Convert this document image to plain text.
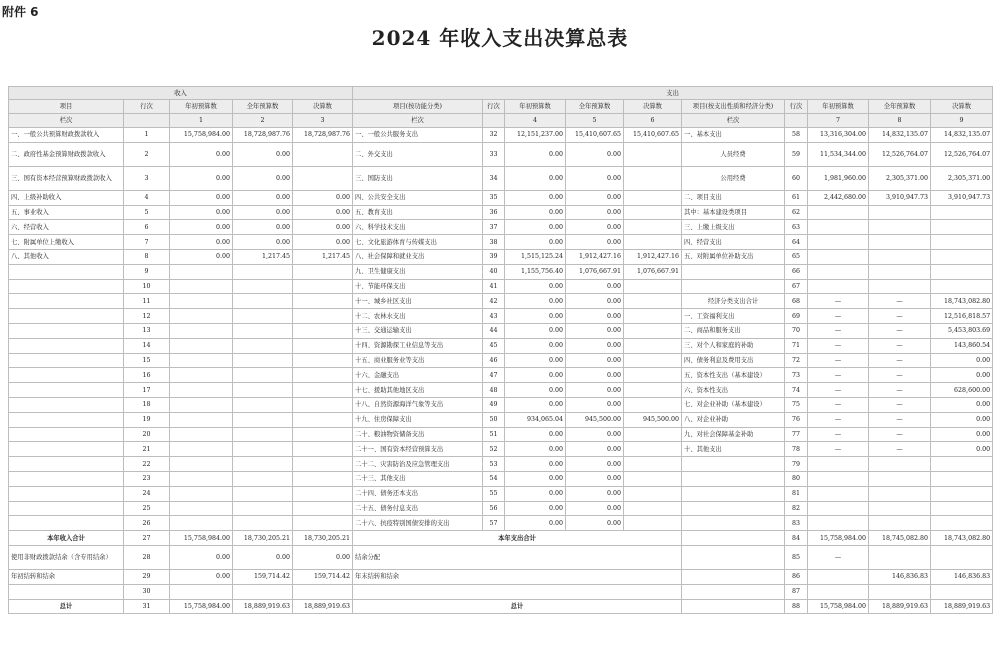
附件 6
2024 年收入支出决算总表
收入					支出									
项目	行次	年初预算数	全年预算数	决算数	项目(按功能分类)	行次	年初预算数	全年预算数	决算数	项目(按支出性质和经济分类)	行次	年初预算数	全年预算数	决算数
栏次		1	2	3	栏次		4	5	6	栏次		7	8	9
一、一般公共预算财政拨款收入	1	15,758,984.00	18,728,987.76	18,728,987.76	一、一般公共服务支出	32	12,151,237.00	15,410,607.65	15,410,607.65	一、基本支出	58	13,316,304.00	14,832,135.07	14,832,135.07
二、政府性基金预算财政拨款收入	2	0.00	0.00		二、外交支出	33	0.00	0.00		人员经费	59	11,534,344.00	12,526,764.07	12,526,764.07
三、国有资本经营预算财政拨款收入	3	0.00	0.00		三、国防支出	34	0.00	0.00		公用经费	60	1,981,960.00	2,305,371.00	2,305,371.00
四、上级补助收入	4	0.00	0.00	0.00	四、公共安全支出	35	0.00	0.00		二、项目支出	61	2,442,680.00	3,910,947.73	3,910,947.73
五、事业收入	5	0.00	0.00	0.00	五、教育支出	36	0.00	0.00		其中：基本建设类项目	62			
六、经营收入	6	0.00	0.00	0.00	六、科学技术支出	37	0.00	0.00		三、上缴上级支出	63			
七、附属单位上缴收入	7	0.00	0.00	0.00	七、文化旅游体育与传媒支出	38	0.00	0.00		四、经营支出	64			
八、其他收入	8	0.00	1,217.45	1,217.45	八、社会保障和就业支出	39	1,515,125.24	1,912,427.16	1,912,427.16	五、对附属单位补助支出	65			
	9				九、卫生健康支出	40	1,155,756.40	1,076,667.91	1,076,667.91		66			
	10				十、节能环保支出	41	0.00	0.00			67			
	11				十一、城乡社区支出	42	0.00	0.00		经济分类支出合计	68	—	—	18,743,082.80
	12				十二、农林水支出	43	0.00	0.00		一、工资福利支出	69	—	—	12,516,818.57
	13				十三、交通运输支出	44	0.00	0.00		二、商品和服务支出	70	—	—	5,453,803.69
	14				十四、资源勘探工业信息等支出	45	0.00	0.00		三、对个人和家庭的补助	71	—	—	143,860.54
	15				十五、商业服务业等支出	46	0.00	0.00		四、债务利息及费用支出	72	—	—	0.00
	16				十六、金融支出	47	0.00	0.00		五、资本性支出（基本建设）	73	—	—	0.00
	17				十七、援助其他地区支出	48	0.00	0.00		六、资本性支出	74	—	—	628,600.00
	18				十八、自然资源海洋气象等支出	49	0.00	0.00		七、对企业补助（基本建设）	75	—	—	0.00
	19				十九、住房保障支出	50	934,065.04	945,500.00	945,500.00	八、对企业补助	76	—	—	0.00
	20				二十、粮油物资储备支出	51	0.00	0.00		九、对社会保障基金补助	77	—	—	0.00
	21				二十一、国有资本经营预算支出	52	0.00	0.00		十、其他支出	78	—	—	0.00
	22				二十二、灾害防治及应急管理支出	53	0.00	0.00			79			
	23				二十三、其他支出	54	0.00	0.00			80			
	24				二十四、债务还本支出	55	0.00	0.00			81			
	25				二十五、债务付息支出	56	0.00	0.00			82			
	26				二十六、抗疫特别国债安排的支出	57	0.00	0.00			83			
本年收入合计	27	15,758,984.00	18,730,205.21	18,730,205.21	本年支出合计						84	15,758,984.00	18,745,082.80	18,743,082.80
使用非财政拨款结余（含专用结余）	28	0.00	0.00	0.00	结余分配						85	—		
年初结转和结余	29	0.00	159,714.42	159,714.42	年末结转和结余						86		146,836.83	146,836.83
	30										87			
总计	31	15,758,984.00	18,889,919.63	18,889,919.63	总计						88	15,758,984.00	18,889,919.63	18,889,919.63
